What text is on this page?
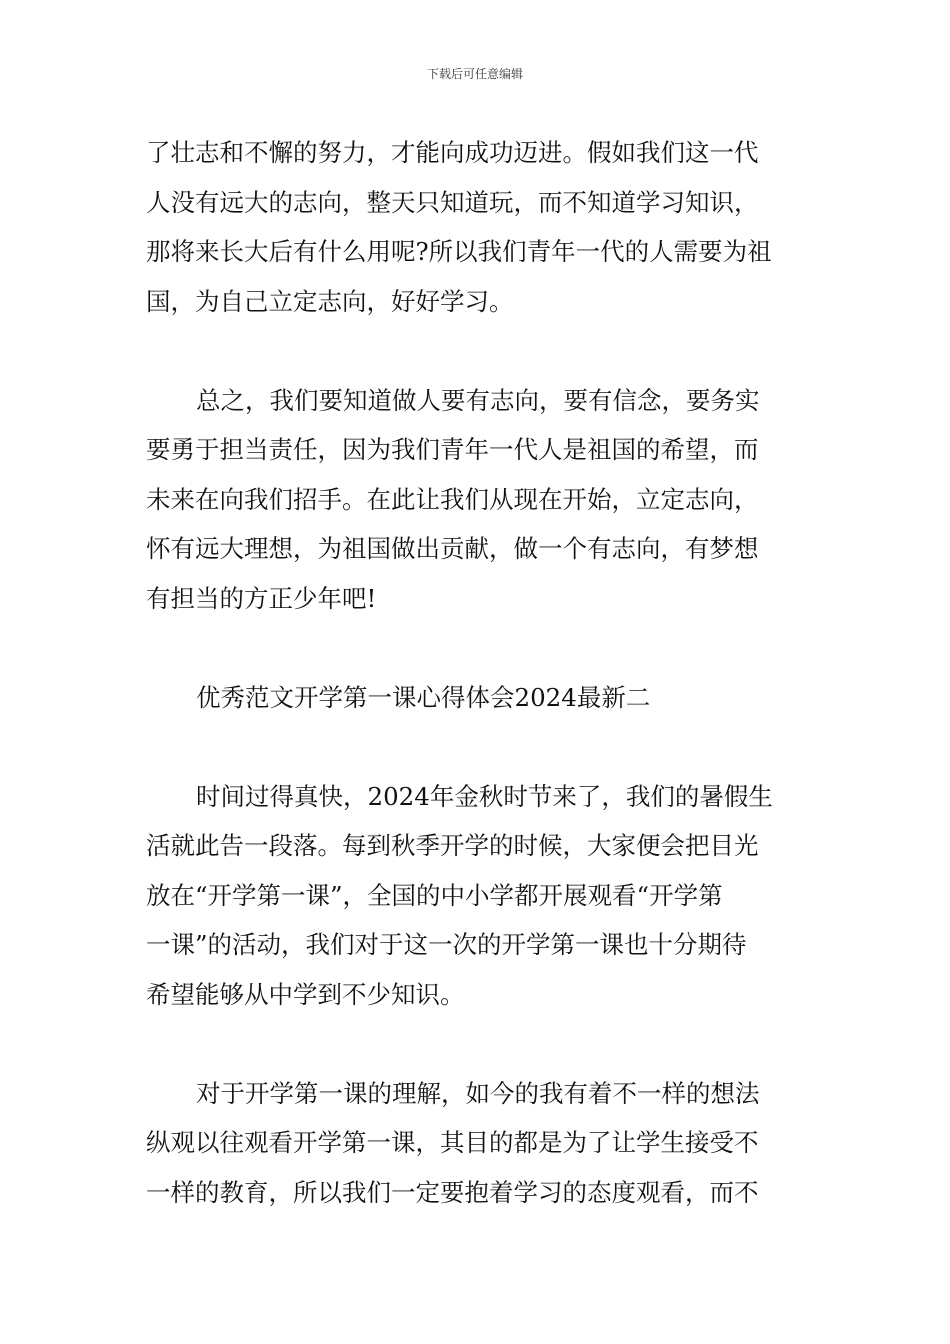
下载后可任意编辑
了壮志和不懈的努力，才能向成功迈进。假如我们这一代
人没有远大的志向，整天只知道玩，而不知道学习知识，
那将来长大后有什么用呢?所以我们青年一代的人需要为祖
国，为自己立定志向，好好学习。
总之，我们要知道做人要有志向，要有信念，要务实
要勇于担当责任，因为我们青年一代人是祖国的希望，而
未来在向我们招手。在此让我们从现在开始，立定志向，
怀有远大理想，为祖国做出贡献，做一个有志向，有梦想
有担当的方正少年吧!
优秀范文开学第一课心得体会2024最新二
时间过得真快，2024年金秋时节来了，我们的暑假生
活就此告一段落。每到秋季开学的时候，大家便会把目光
放在“开学第一课”，全国的中小学都开展观看“开学第
一课”的活动，我们对于这一次的开学第一课也十分期待
希望能够从中学到不少知识。
对于开学第一课的理解，如今的我有着不一样的想法
纵观以往观看开学第一课，其目的都是为了让学生接受不
一样的教育，所以我们一定要抱着学习的态度观看，而不
